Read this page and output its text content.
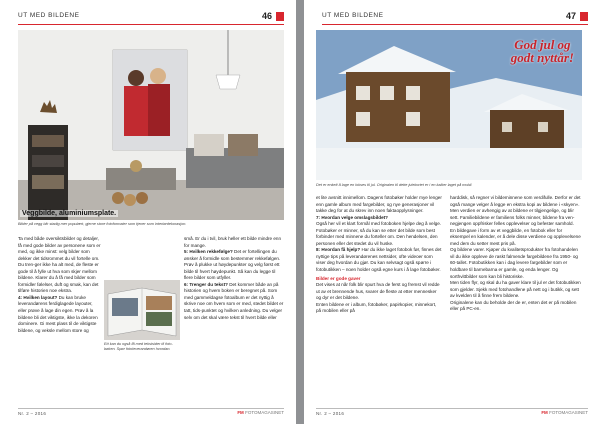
UT MED BILDENE	46
Veggbilde, aluminiumsplate.
Bilder på vegg blir stadig mer populært, gjerne store fotoformater som tjener som interiørdekorasjon.

Ta med både oversiktsbilder og detaljer, få med gode bilder av personene som er med, og ikke minst: velg bilder som dekker det tidsrommet du vil fortelle om. Du tren-ger ikke ha alt med, de fleste er gode til å fylle ut hva som skjer mellom bildene. Klarer du å få med bilder som formidler følelser, duft og smak, kan det tilføre historien noe ekstra.

4: Hvilken layout? Du kan bruke leverandørens ferdiglagede layouter, eller prøve å lage din egen. Prøv å la bildene bli det viktigste, ikke la dekoren dominere. Gi mest plass til de viktigste bildene, og veksle mellom store og

Ett kan du også få med tekstsider til foto-bøken. Spør fotoleverandøren hvordan.

små. Er du i tvil, bruk heller ett bilde mindre enn for mange.

5: Hvilken rekkefølge? Det er fortellingen du ønsker å formidle som bestemmer rekkefølgen. Prøv å plukke ut høydepunkter og velg først ett bilde til hvert høydepunkt. Så kan du legge til flere bilder som utfyller.

6: Trenger du tekst? Det kommer både an på historien og hvem boken er beregnet på. Som med gammeldagse fotoalbum er det nyttig å skrive noe om hvem som er med, stedet bildet er tatt, tids-punktet og hvilken anledning. Du velger selv om det skal være tekst til hvert bilde eller

Nr. 2 – 2016	FM FOTOMAGASINET
UT MED BILDENE	47
God jul og
godt nyttår!
Det er enkelt å lage en lokses til jul. Originalen til dette julekortet er i en kalker laget på mobil.

et lite avsnitt innimellom. Dagens fotobøker holder mye lenger enn gamle album med fargebilder, og nye generasjoner vil takke deg for at du skrev inn noen faktaopplysninger.

7: Hvordan velge omslagsbildet?

Også her vil et klart formål med fotoboken hjelpe deg å velge. Fotobøker er minner, så du kan se etter det bilde som best forbinder med minnene du forteller om. Den hendelsen, den personen eller det stedet du vil huske.

8: Hvordan få hjelp? Har du ikke laget fotobok før, finnes det nyttige tips på leverandørenes nettsider, ofte videoer som viser deg hvordan du gjør. Du kan selvsagt også spørre i fotobutikken – noen holder også egne kurs i å lage fotobøker.

Bilder er gode gaver

Det vises at når folk blir spurt hva de ferst og fremst vil redde ut av et brennende hus, svarer de fleste at etter mennesker og dyr er det bildene.

Enten bildene er i album, fotobøker, papirkopier, minnekort, på mobilen eller på

harddisk, så regner vi bildeminnene som verdifulle. Derfor er det også mange velger å legge en ekstra kopi av bildene i «skyen».

Men verdien er avhengig av at bildene er tilgjengelige, og blir sett. Familiebildene er familiens folks minner, bildene fra ven-negjengen oppfrisker felles opplevelser og befester samhold.

En bildegave i form av et veggbilde, en fotobok eller for eksempel en kalender, er å dele disse verdiene og opplevelsene med dem du setter mest pris på.

Og bildene varer. Kjøper du kvalitetsprodukter fra fotohandelen vil du ikke oppleve de raskt falmende fargebildene fra 1950- og 60-tallet. Fotobutikken kan i dag levere fargebilder som er holdbare til barnebarna er gamle, og enda lenger. Og sorthvittbilder som kan bli historiske.

Men tiden flyr, og skal du ha gaver klare til jul er det fotobutikken som gjelder. Sjekk med fotohandlene på nett og i butikk, og sett av kvelden til å finne frem bildene.

Originalene kan du beholde der de er, enten det er på mobilen eller på PC-en.

Nr. 2 – 2016	FM FOTOMAGASINET
